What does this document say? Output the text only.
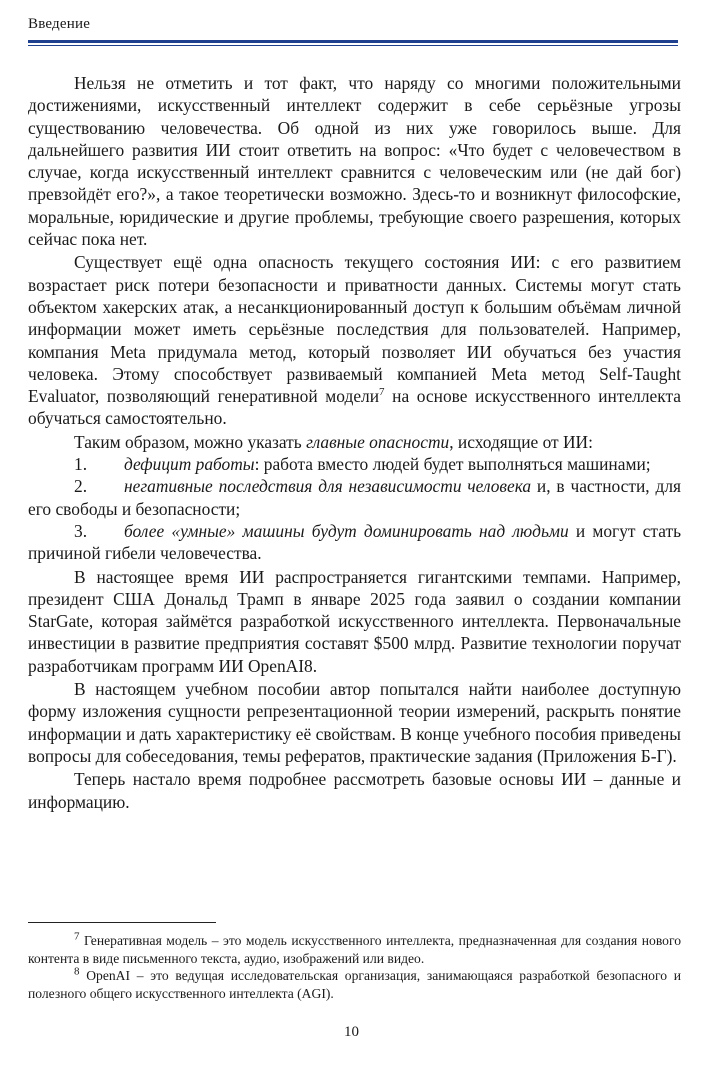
Введение

Нельзя не отметить и тот факт, что наряду со многими положительными достижениями, искусственный интеллект содержит в себе серьёзные угрозы существованию человечества. Об одной из них уже говорилось выше. Для дальнейшего развития ИИ стоит ответить на вопрос: «Что будет с человечеством в случае, когда искусственный интеллект сравнится с человеческим или (не дай бог) превзойдёт его?», а такое теоретически возможно. Здесь-то и возникнут философские, моральные, юридические и другие проблемы, требующие своего разрешения, которых сейчас пока нет.

Существует ещё одна опасность текущего состояния ИИ: с его развитием возрастает риск потери безопасности и приватности данных. Системы могут стать объектом хакерских атак, а несанкционированный доступ к большим объёмам личной информации может иметь серьёзные последствия для пользователей. Например, компания Meta придумала метод, который позволяет ИИ обучаться без участия человека. Этому способствует развиваемый компанией Meta метод Self-Taught Evaluator, позволяющий генеративной модели$^7$ на основе искусственного интеллекта обучаться самостоятельно.

Таким образом, можно указать главные опасности, исходящие от ИИ:

1. дефицит работы: работа вместо людей будет выполняться машинами;

2. негативные последствия для независимости человека и, в частности, для его свободы и безопасности;

3. более «умные» машины будут доминировать над людьми и могут стать причиной гибели человечества.

В настоящее время ИИ распространяется гигантскими темпами. Например, президент США Дональд Трамп в январе 2025 года заявил о создании компании StarGate, которая займётся разработкой искусственного интеллекта. Первоначальные инвестиции в развитие предприятия составят $500 млрд. Развитие технологии поручат разработчикам программ ИИ OpenAI8.

В настоящем учебном пособии автор попытался найти наиболее доступную форму изложения сущности репрезентационной теории измерений, раскрыть понятие информации и дать характеристику её свойствам. В конце учебного пособия приведены вопросы для собеседования, темы рефератов, практические задания (Приложения Б-Г).

Теперь настало время подробнее рассмотреть базовые основы ИИ – данные и информацию.

$^7$ Генеративная модель – это модель искусственного интеллекта, предназначенная для создания нового контента в виде письменного текста, аудио, изображений или видео.

$^8$ OpenAI – это ведущая исследовательская организация, занимающаяся разработкой безопасного и полезного общего искусственного интеллекта (AGI).

10
